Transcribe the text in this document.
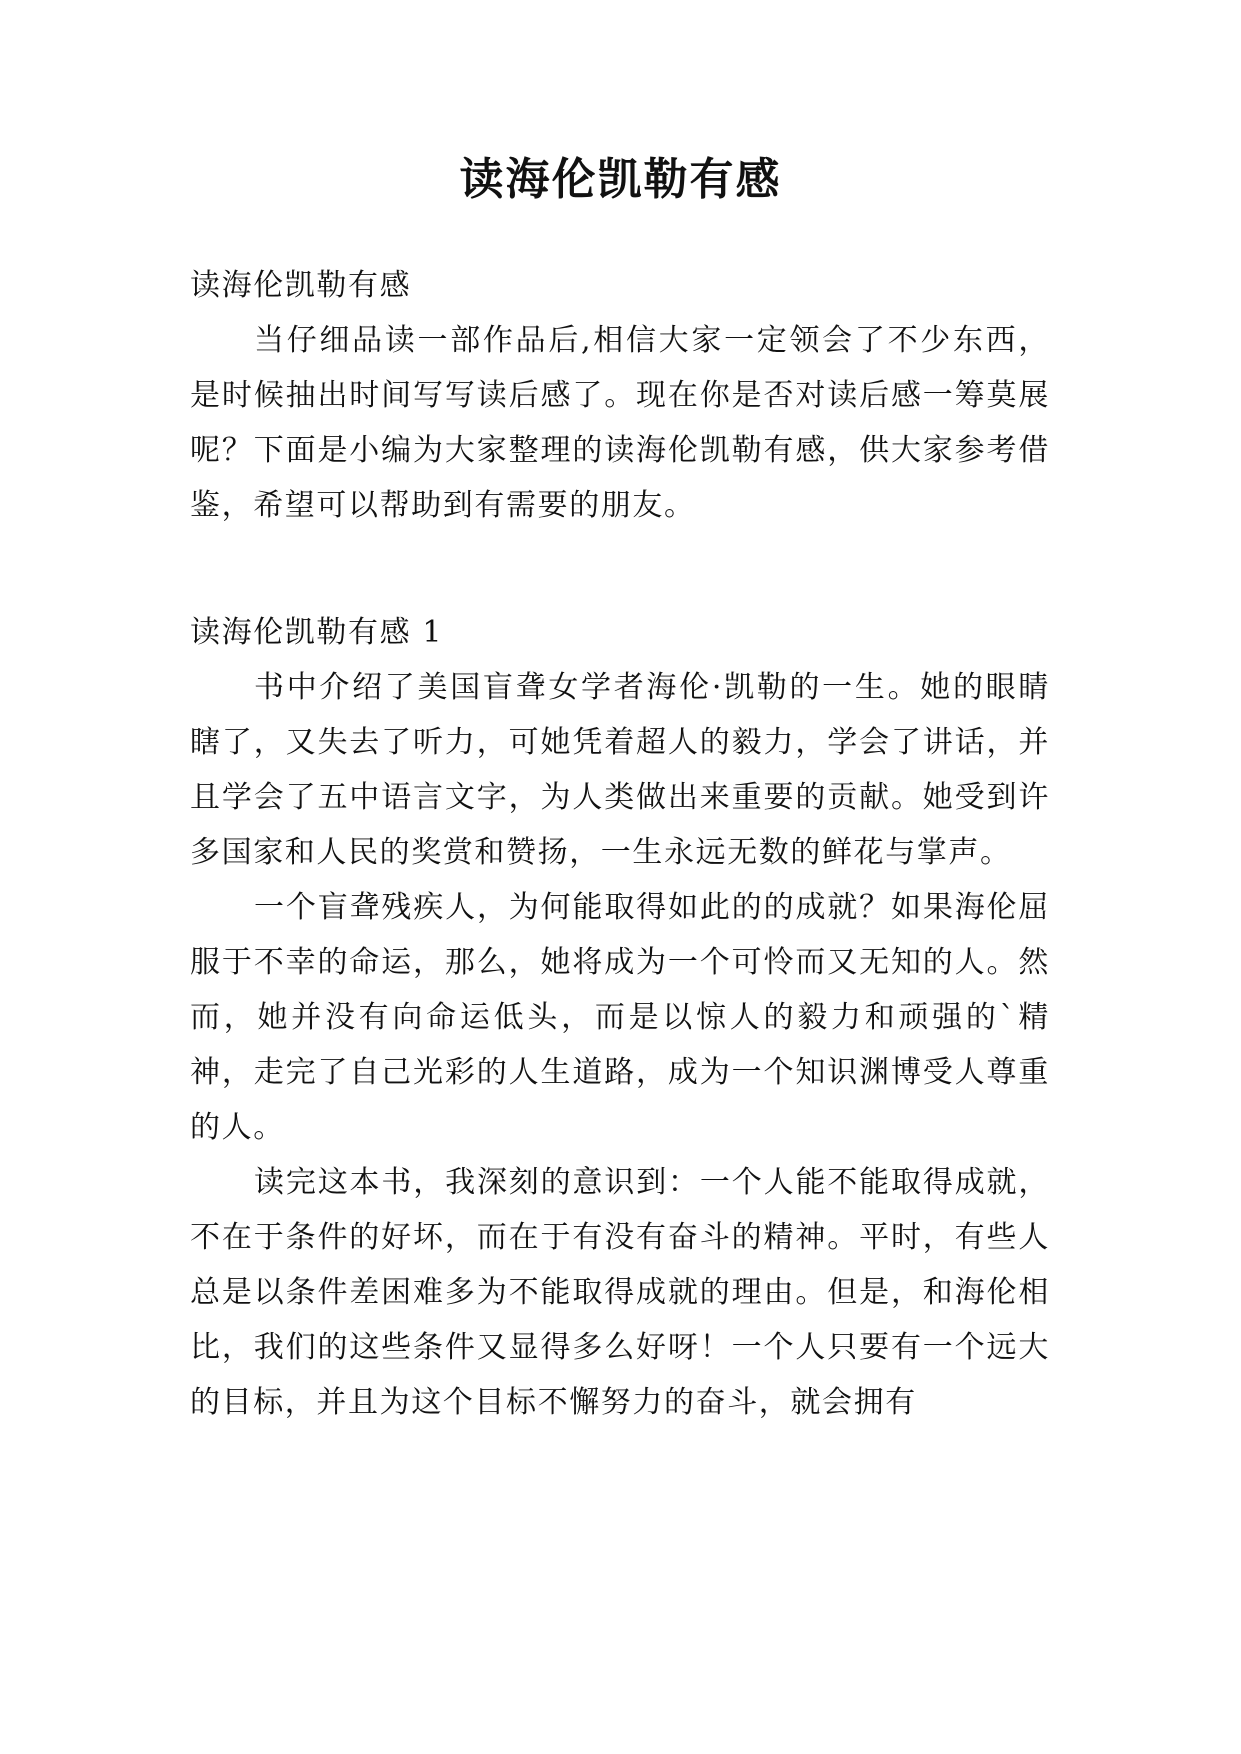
读海伦凯勒有感

读海伦凯勒有感

当仔细品读一部作品后,相信大家一定领会了不少东西，是时候抽出时间写写读后感了。现在你是否对读后感一筹莫展呢？下面是小编为大家整理的读海伦凯勒有感，供大家参考借鉴，希望可以帮助到有需要的朋友。

读海伦凯勒有感 1

书中介绍了美国盲聋女学者海伦·凯勒的一生。她的眼睛瞎了，又失去了听力，可她凭着超人的毅力，学会了讲话，并且学会了五中语言文字，为人类做出来重要的贡献。她受到许多国家和人民的奖赏和赞扬，一生永远无数的鲜花与掌声。

一个盲聋残疾人，为何能取得如此的的成就？如果海伦屈服于不幸的命运，那么，她将成为一个可怜而又无知的人。然而，她并没有向命运低头，而是以惊人的毅力和顽强的`精神，走完了自己光彩的人生道路，成为一个知识渊博受人尊重的人。

读完这本书，我深刻的意识到：一个人能不能取得成就，不在于条件的好坏，而在于有没有奋斗的精神。平时，有些人总是以条件差困难多为不能取得成就的理由。但是，和海伦相比，我们的这些条件又显得多么好呀！一个人只要有一个远大的目标，并且为这个目标不懈努力的奋斗，就会拥有
